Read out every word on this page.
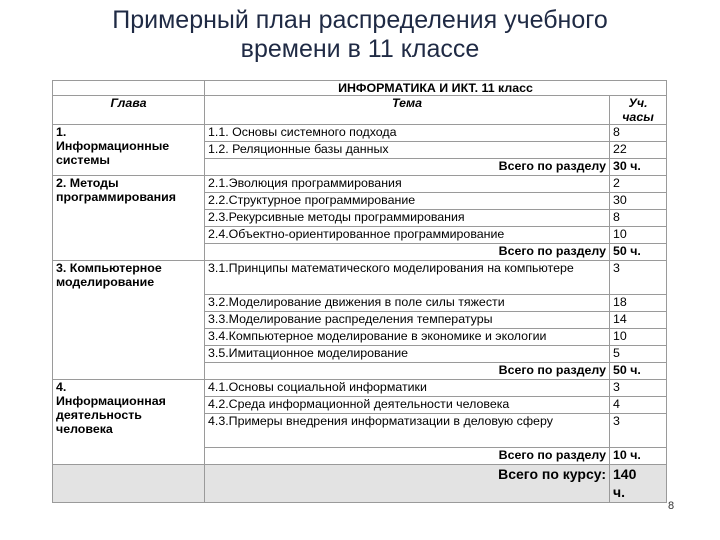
Примерный план распределения учебного
времени в 11 классе
	ИНФОРМАТИКА И ИКТ. 11 класс	
Глава	Тема	Уч.
часы
1.
Информационные
системы	1.1. Основы системного подхода	8
	1.2. Реляционные базы данных	22
	Всего по разделу	30 ч.
2. Методы
программирования	2.1.Эволюция программирования	2
	2.2.Структурное программирование	30
	2.3.Рекурсивные методы программирования	8
	2.4.Объектно-ориентированное программирование	10
	Всего по разделу	50 ч.
3. Компьютерное
моделирование	3.1.Принципы математического моделирования на компьютере	3
	3.2.Моделирование движения в поле силы тяжести	18
	3.3.Моделирование распределения температуры	14
	3.4.Компьютерное моделирование в экономике и экологии	10
	3.5.Имитационное моделирование	5
	Всего по разделу	50 ч.
4.
Информационная
деятельность
человека	4.1.Основы социальной информатики	3
	4.2.Среда информационной деятельности человека	4
	4.3.Примеры внедрения информатизации в деловую сферу	3
	Всего по разделу	10 ч.
	Всего по курсу:	140
ч.
8
